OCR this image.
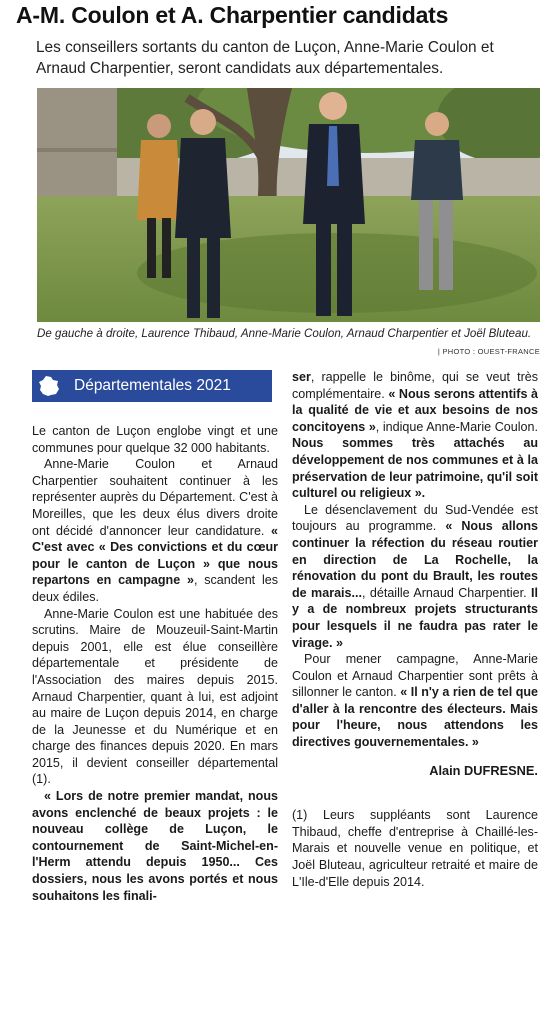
A-M. Coulon et A. Charpentier candidats

Les conseillers sortants du canton de Luçon, Anne-Marie Coulon et Arnaud Charpentier, seront candidats aux départementales.

De gauche à droite, Laurence Thibaud, Anne-Marie Coulon, Arnaud Charpentier et Joël Bluteau.

| PHOTO : OUEST-FRANCE
Départementales 2021

Le canton de Luçon englobe vingt et une communes pour quelque 32 000 habitants.

Anne-Marie Coulon et Arnaud Charpentier souhaitent continuer à les représenter auprès du Département. C'est à Moreilles, que les deux élus divers droite ont décidé d'annoncer leur candidature. « C'est avec « Des convictions et du cœur pour le canton de Luçon » que nous repartons en campagne », scandent les deux édiles.

Anne-Marie Coulon est une habituée des scrutins. Maire de Mouzeuil-Saint-Martin depuis 2001, elle est élue conseillère départementale et présidente de l'Association des maires depuis 2015. Arnaud Charpentier, quant à lui, est adjoint au maire de Luçon depuis 2014, en charge de la Jeunesse et du Numérique et en charge des finances depuis 2020. En mars 2015, il devient conseiller départemental (1).

« Lors de notre premier mandat, nous avons enclenché de beaux projets : le nouveau collège de Luçon, le contournement de Saint-Michel-en-l'Herm attendu depuis 1950... Ces dossiers, nous les avons portés et nous souhaitons les finali-

ser, rappelle le binôme, qui se veut très complémentaire. « Nous serons attentifs à la qualité de vie et aux besoins de nos concitoyens », indique Anne-Marie Coulon. Nous sommes très attachés au développement de nos communes et à la préservation de leur patrimoine, qu'il soit culturel ou religieux ».

Le désenclavement du Sud-Vendée est toujours au programme. « Nous allons continuer la réfection du réseau routier en direction de La Rochelle, la rénovation du pont du Brault, les routes de marais..., détaille Arnaud Charpentier. Il y a de nombreux projets structurants pour lesquels il ne faudra pas rater le virage. »

Pour mener campagne, Anne-Marie Coulon et Arnaud Charpentier sont prêts à sillonner le canton. « Il n'y a rien de tel que d'aller à la rencontre des électeurs. Mais pour l'heure, nous attendons les directives gouvernementales. »

Alain DUFRESNE.

(1) Leurs suppléants sont Laurence Thibaud, cheffe d'entreprise à Chaillé-les-Marais et nouvelle venue en politique, et Joël Bluteau, agriculteur retraité et maire de L'Ile-d'Elle depuis 2014.
